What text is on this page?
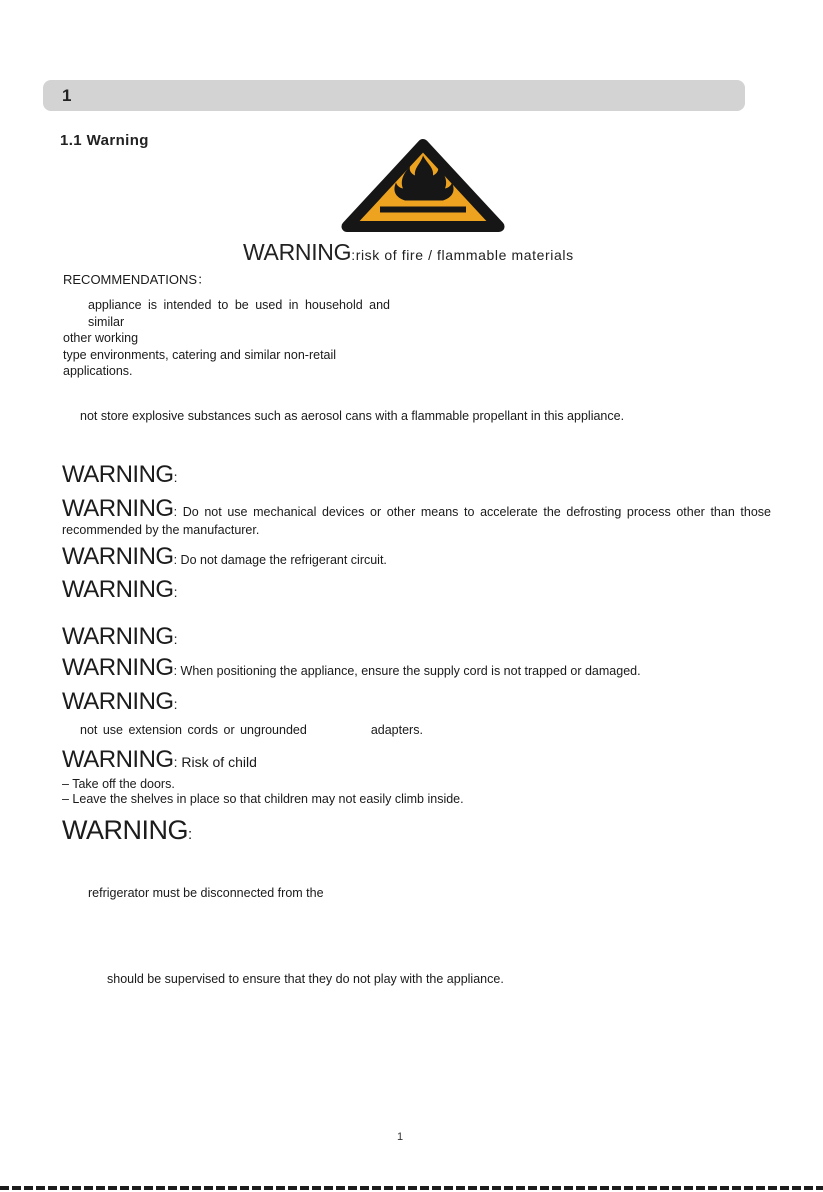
1
1.1 Warning
WARNING:risk of fire / flammable materials
RECOMMENDATIONS：
appliance is intended to be used in household and similar
other working
type environments, catering and similar non-retail applications.
not store explosive substances such as aerosol cans with a flammable propellant in this appliance.
WARNING:

WARNING: Do not use mechanical devices or other means to accelerate the defrosting process other than those recommended by the manufacturer.

WARNING: Do not damage the refrigerant circuit.
WARNING:
WARNING:
WARNING: When positioning the appliance, ensure the supply cord is not trapped or damaged.
WARNING:
not use extension cords or ungrounded	adapters.
WARNING: Risk of child
– Take off the doors.
– Leave the shelves in place so that children may not easily climb inside.
WARNING:
refrigerator must be disconnected from the
should be supervised to ensure that they do not play with the appliance.
1
